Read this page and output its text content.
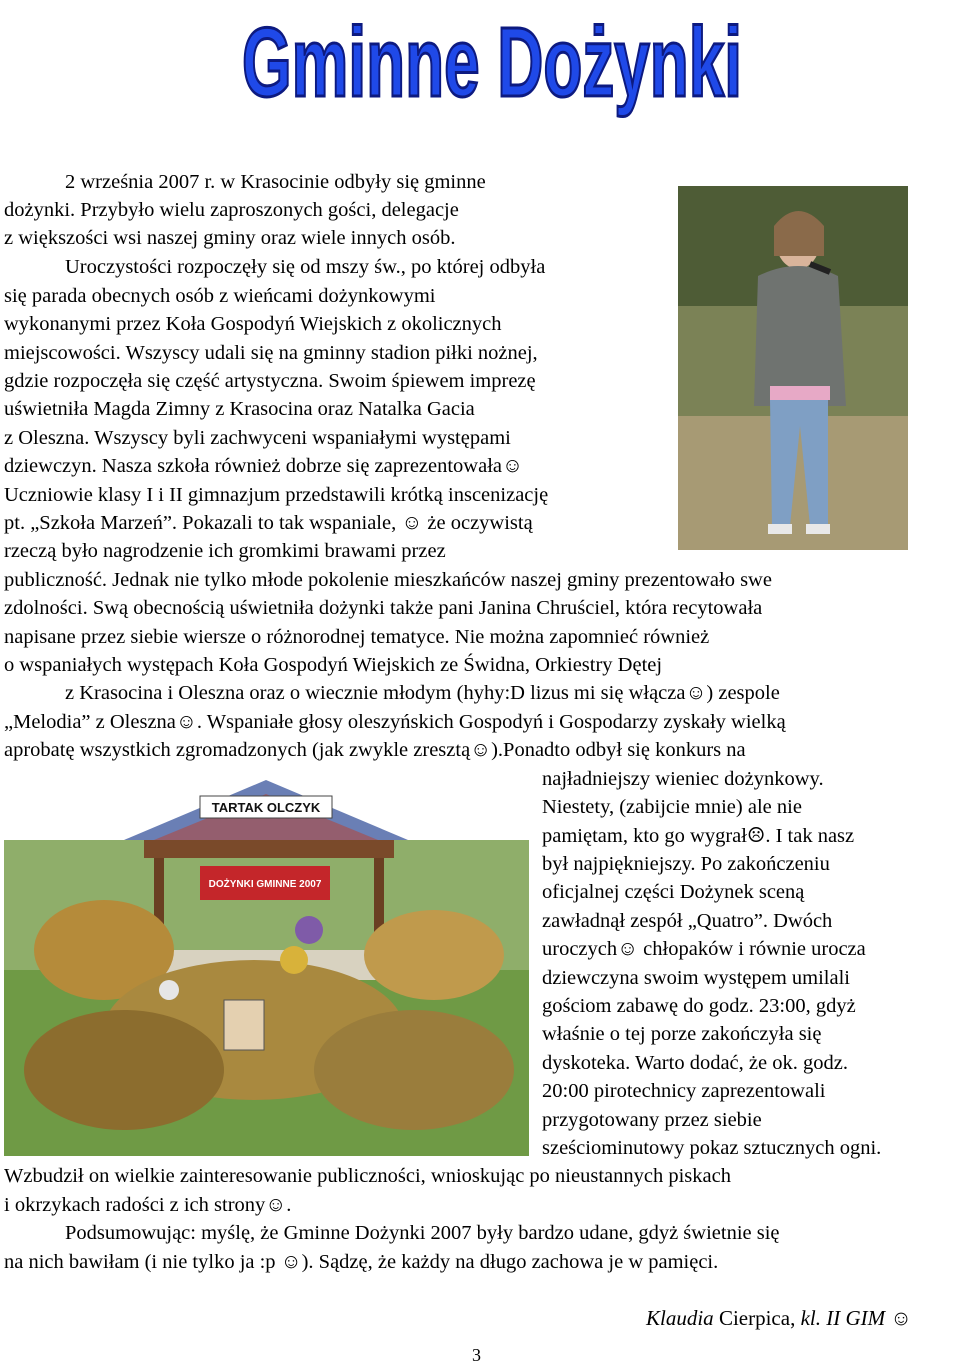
Gminne Dożynki
TARTAK OLCZYK
DOŻYNKI GMINNE 2007
2 września 2007 r. w Krasocinie odbyły się gminne
dożynki. Przybyło wielu zaproszonych gości, delegacje
z większości wsi naszej gminy oraz wiele innych osób.
Uroczystości rozpoczęły się od mszy św., po której odbyła
się parada obecnych osób z wieńcami dożynkowymi
wykonanymi przez Koła Gospodyń Wiejskich z okolicznych
miejscowości. Wszyscy udali się na gminny stadion piłki nożnej,
gdzie rozpoczęła się część artystyczna. Swoim śpiewem imprezę
uświetniła Magda Zimny z Krasocina oraz Natalka Gacia
z Oleszna. Wszyscy byli zachwyceni wspaniałymi występami
dziewczyn. Nasza szkoła również dobrze się zaprezentowała☺
Uczniowie klasy I i II gimnazjum przedstawili krótką inscenizację
pt. „Szkoła Marzeń”. Pokazali to tak wspaniale, ☺ że oczywistą
rzeczą było nagrodzenie ich gromkimi brawami przez
publiczność. Jednak nie tylko młode pokolenie mieszkańców naszej gminy prezentowało swe
zdolności. Swą obecnością uświetniła dożynki także pani Janina Chruściel, która recytowała
napisane przez siebie wiersze o różnorodnej tematyce. Nie można zapomnieć również
o wspaniałych występach Koła Gospodyń Wiejskich ze Świdna, Orkiestry Dętej
z Krasocina i Oleszna oraz o wiecznie młodym (hyhy:D lizus mi się włącza☺) zespole
„Melodia” z Oleszna☺. Wspaniałe głosy oleszyńskich Gospodyń i Gospodarzy zyskały wielką
aprobatę wszystkich zgromadzonych (jak zwykle zresztą☺).Ponadto odbył się konkurs na
najładniejszy wieniec dożynkowy.
Niestety, (zabijcie mnie) ale nie
pamiętam, kto go wygrał☹. I tak nasz
był najpiękniejszy. Po zakończeniu
oficjalnej części Dożynek sceną
zawładnął zespół „Quatro”. Dwóch
uroczych☺ chłopaków i równie urocza
dziewczyna swoim występem umilali
gościom zabawę do godz. 23:00, gdyż
właśnie o tej porze zakończyła się
dyskoteka. Warto dodać, że ok. godz.
20:00 pirotechnicy zaprezentowali
przygotowany przez siebie
sześciominutowy pokaz sztucznych ogni.
Wzbudził on wielkie zainteresowanie publiczności, wnioskując po nieustannych piskach
i okrzykach radości z ich strony☺.
Podsumowując: myślę, że Gminne Dożynki 2007 były bardzo udane, gdyż świetnie się
na nich bawiłam (i nie tylko ja :p ☺). Sądzę, że każdy na długo zachowa je w pamięci.
Klaudia Cierpica, kl. II GIM ☺
3
